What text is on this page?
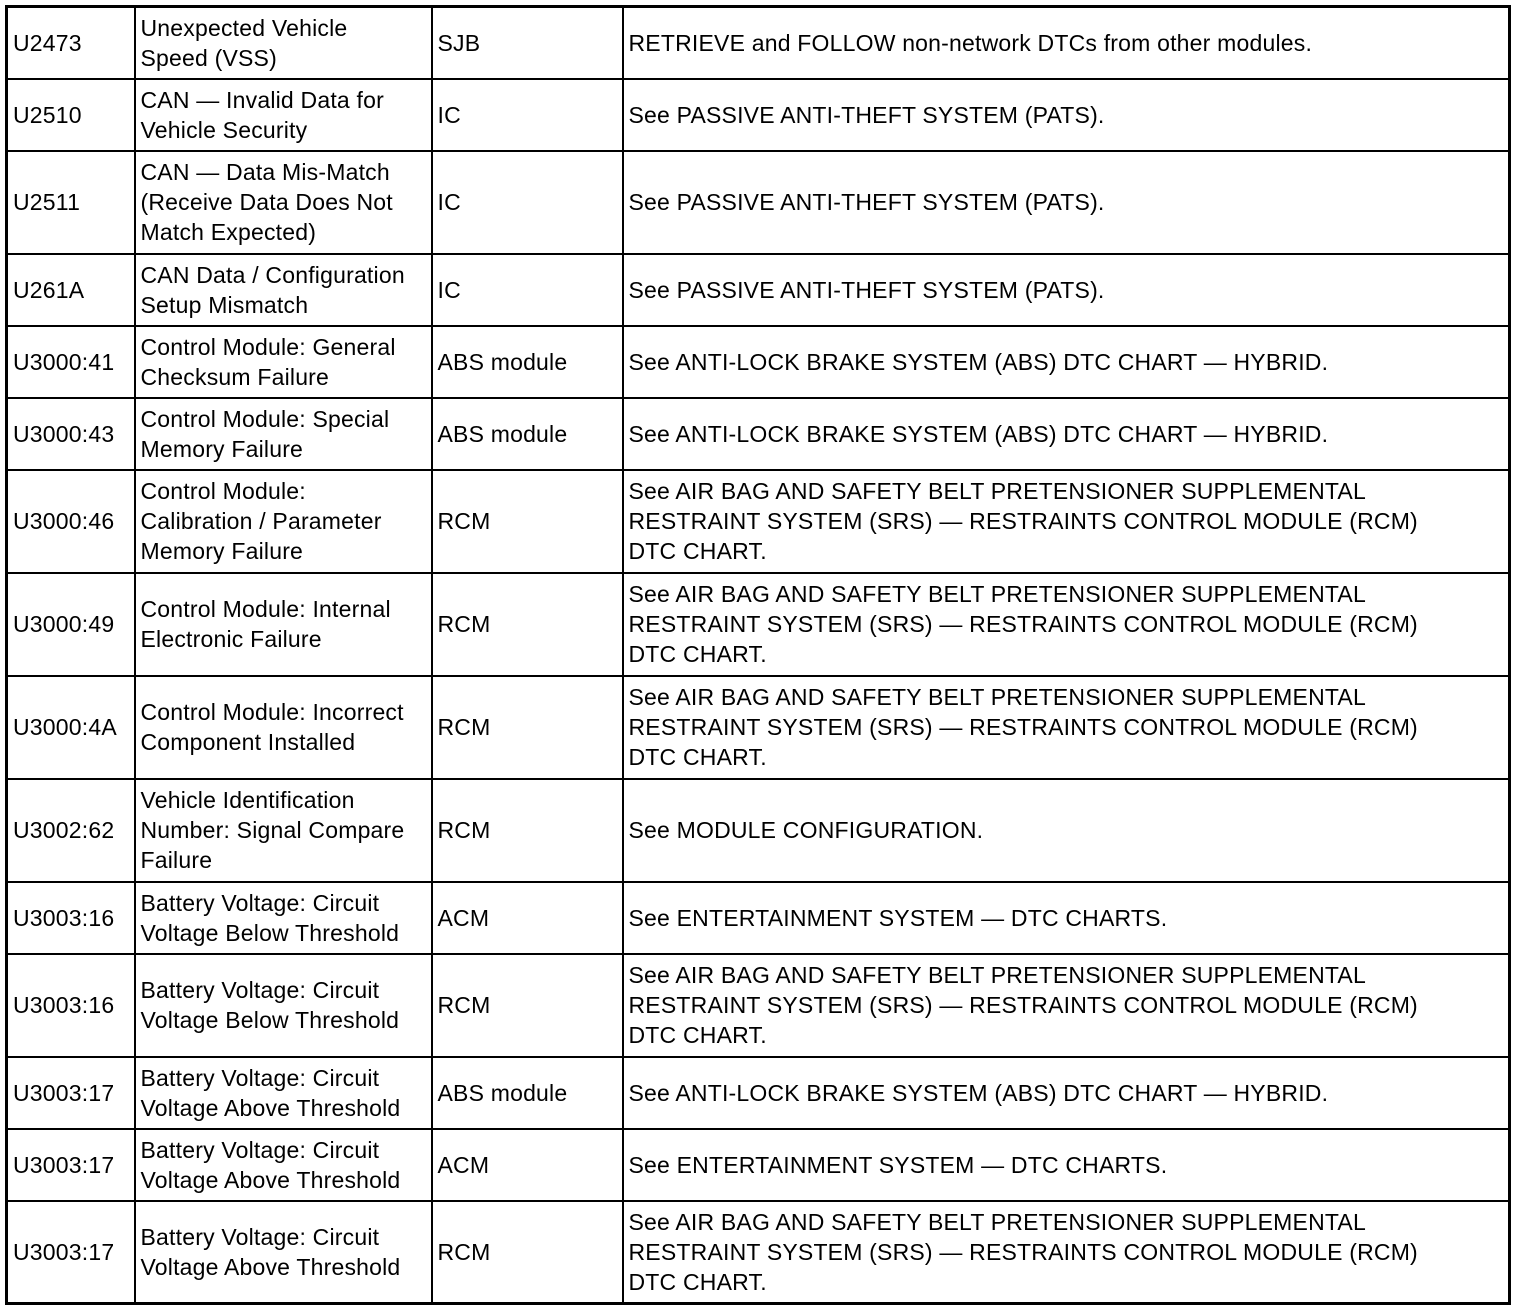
U2473	Unexpected Vehicle
Speed (VSS)	SJB	RETRIEVE and FOLLOW non-network DTCs from other modules.
U2510	CAN — Invalid Data for
Vehicle Security	IC	See PASSIVE ANTI-THEFT SYSTEM (PATS).
U2511	CAN — Data Mis-Match
(Receive Data Does Not
Match Expected)	IC	See PASSIVE ANTI-THEFT SYSTEM (PATS).
U261A	CAN Data / Configuration
Setup Mismatch	IC	See PASSIVE ANTI-THEFT SYSTEM (PATS).
U3000:41	Control Module: General
Checksum Failure	ABS module	See ANTI-LOCK BRAKE SYSTEM (ABS) DTC CHART — HYBRID.
U3000:43	Control Module: Special
Memory Failure	ABS module	See ANTI-LOCK BRAKE SYSTEM (ABS) DTC CHART — HYBRID.
U3000:46	Control Module:
Calibration / Parameter
Memory Failure	RCM	See AIR BAG AND SAFETY BELT PRETENSIONER SUPPLEMENTAL
RESTRAINT SYSTEM (SRS) — RESTRAINTS CONTROL MODULE (RCM)
DTC CHART.
U3000:49	Control Module: Internal
Electronic Failure	RCM	See AIR BAG AND SAFETY BELT PRETENSIONER SUPPLEMENTAL
RESTRAINT SYSTEM (SRS) — RESTRAINTS CONTROL MODULE (RCM)
DTC CHART.
U3000:4A	Control Module: Incorrect
Component Installed	RCM	See AIR BAG AND SAFETY BELT PRETENSIONER SUPPLEMENTAL
RESTRAINT SYSTEM (SRS) — RESTRAINTS CONTROL MODULE (RCM)
DTC CHART.
U3002:62	Vehicle Identification
Number: Signal Compare
Failure	RCM	See MODULE CONFIGURATION.
U3003:16	Battery Voltage: Circuit
Voltage Below Threshold	ACM	See ENTERTAINMENT SYSTEM — DTC CHARTS.
U3003:16	Battery Voltage: Circuit
Voltage Below Threshold	RCM	See AIR BAG AND SAFETY BELT PRETENSIONER SUPPLEMENTAL
RESTRAINT SYSTEM (SRS) — RESTRAINTS CONTROL MODULE (RCM)
DTC CHART.
U3003:17	Battery Voltage: Circuit
Voltage Above Threshold	ABS module	See ANTI-LOCK BRAKE SYSTEM (ABS) DTC CHART — HYBRID.
U3003:17	Battery Voltage: Circuit
Voltage Above Threshold	ACM	See ENTERTAINMENT SYSTEM — DTC CHARTS.
U3003:17	Battery Voltage: Circuit
Voltage Above Threshold	RCM	See AIR BAG AND SAFETY BELT PRETENSIONER SUPPLEMENTAL
RESTRAINT SYSTEM (SRS) — RESTRAINTS CONTROL MODULE (RCM)
DTC CHART.
